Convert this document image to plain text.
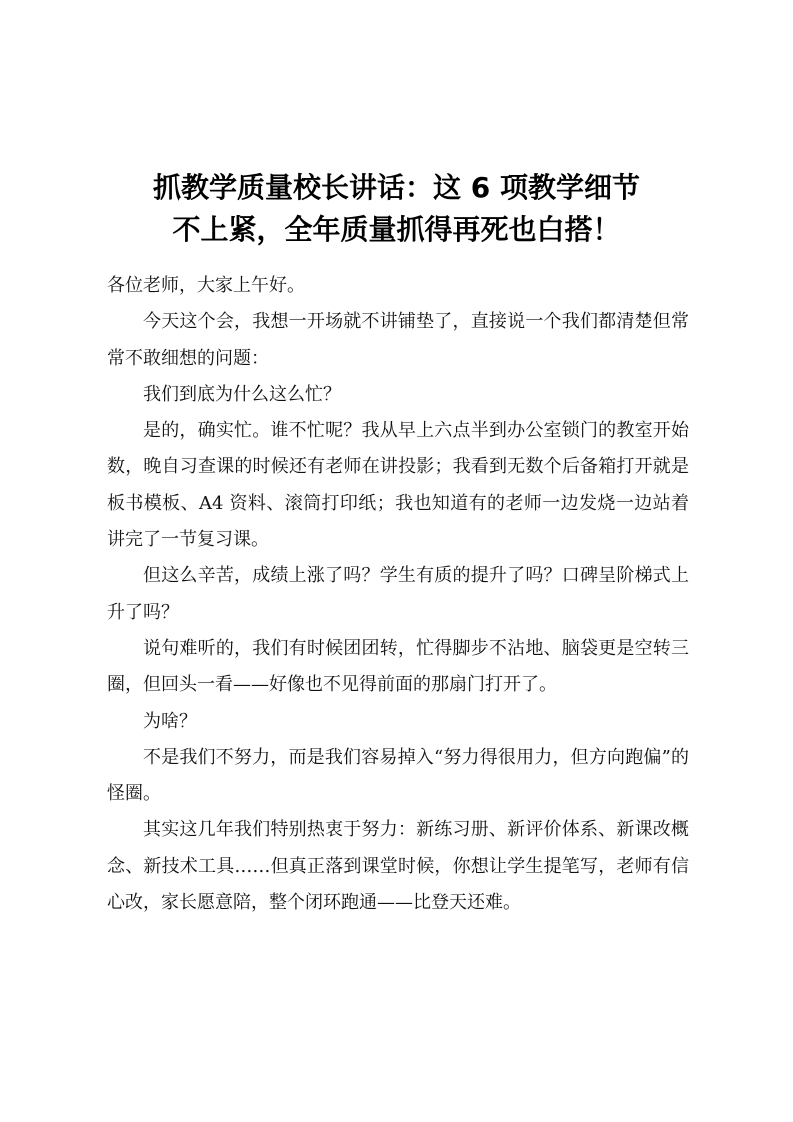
抓教学质量校长讲话：这 6 项教学细节
不上紧，全年质量抓得再死也白搭！

各位老师，大家上午好。

今天这个会，我想一开场就不讲铺垫了，直接说一个我们都清楚但常常不敢细想的问题：

我们到底为什么这么忙？

是的，确实忙。谁不忙呢？我从早上六点半到办公室锁门的教室开始数，晚自习查课的时候还有老师在讲投影；我看到无数个后备箱打开就是板书模板、A4 资料、滚筒打印纸；我也知道有的老师一边发烧一边站着讲完了一节复习课。

但这么辛苦，成绩上涨了吗？学生有质的提升了吗？口碑呈阶梯式上升了吗？

说句难听的，我们有时候团团转，忙得脚步不沾地、脑袋更是空转三圈，但回头一看——好像也不见得前面的那扇门打开了。

为啥？

不是我们不努力，而是我们容易掉入“努力得很用力，但方向跑偏”的怪圈。

其实这几年我们特别热衷于努力：新练习册、新评价体系、新课改概念、新技术工具……但真正落到课堂时候，你想让学生提笔写，老师有信心改，家长愿意陪，整个闭环跑通——比登天还难。
